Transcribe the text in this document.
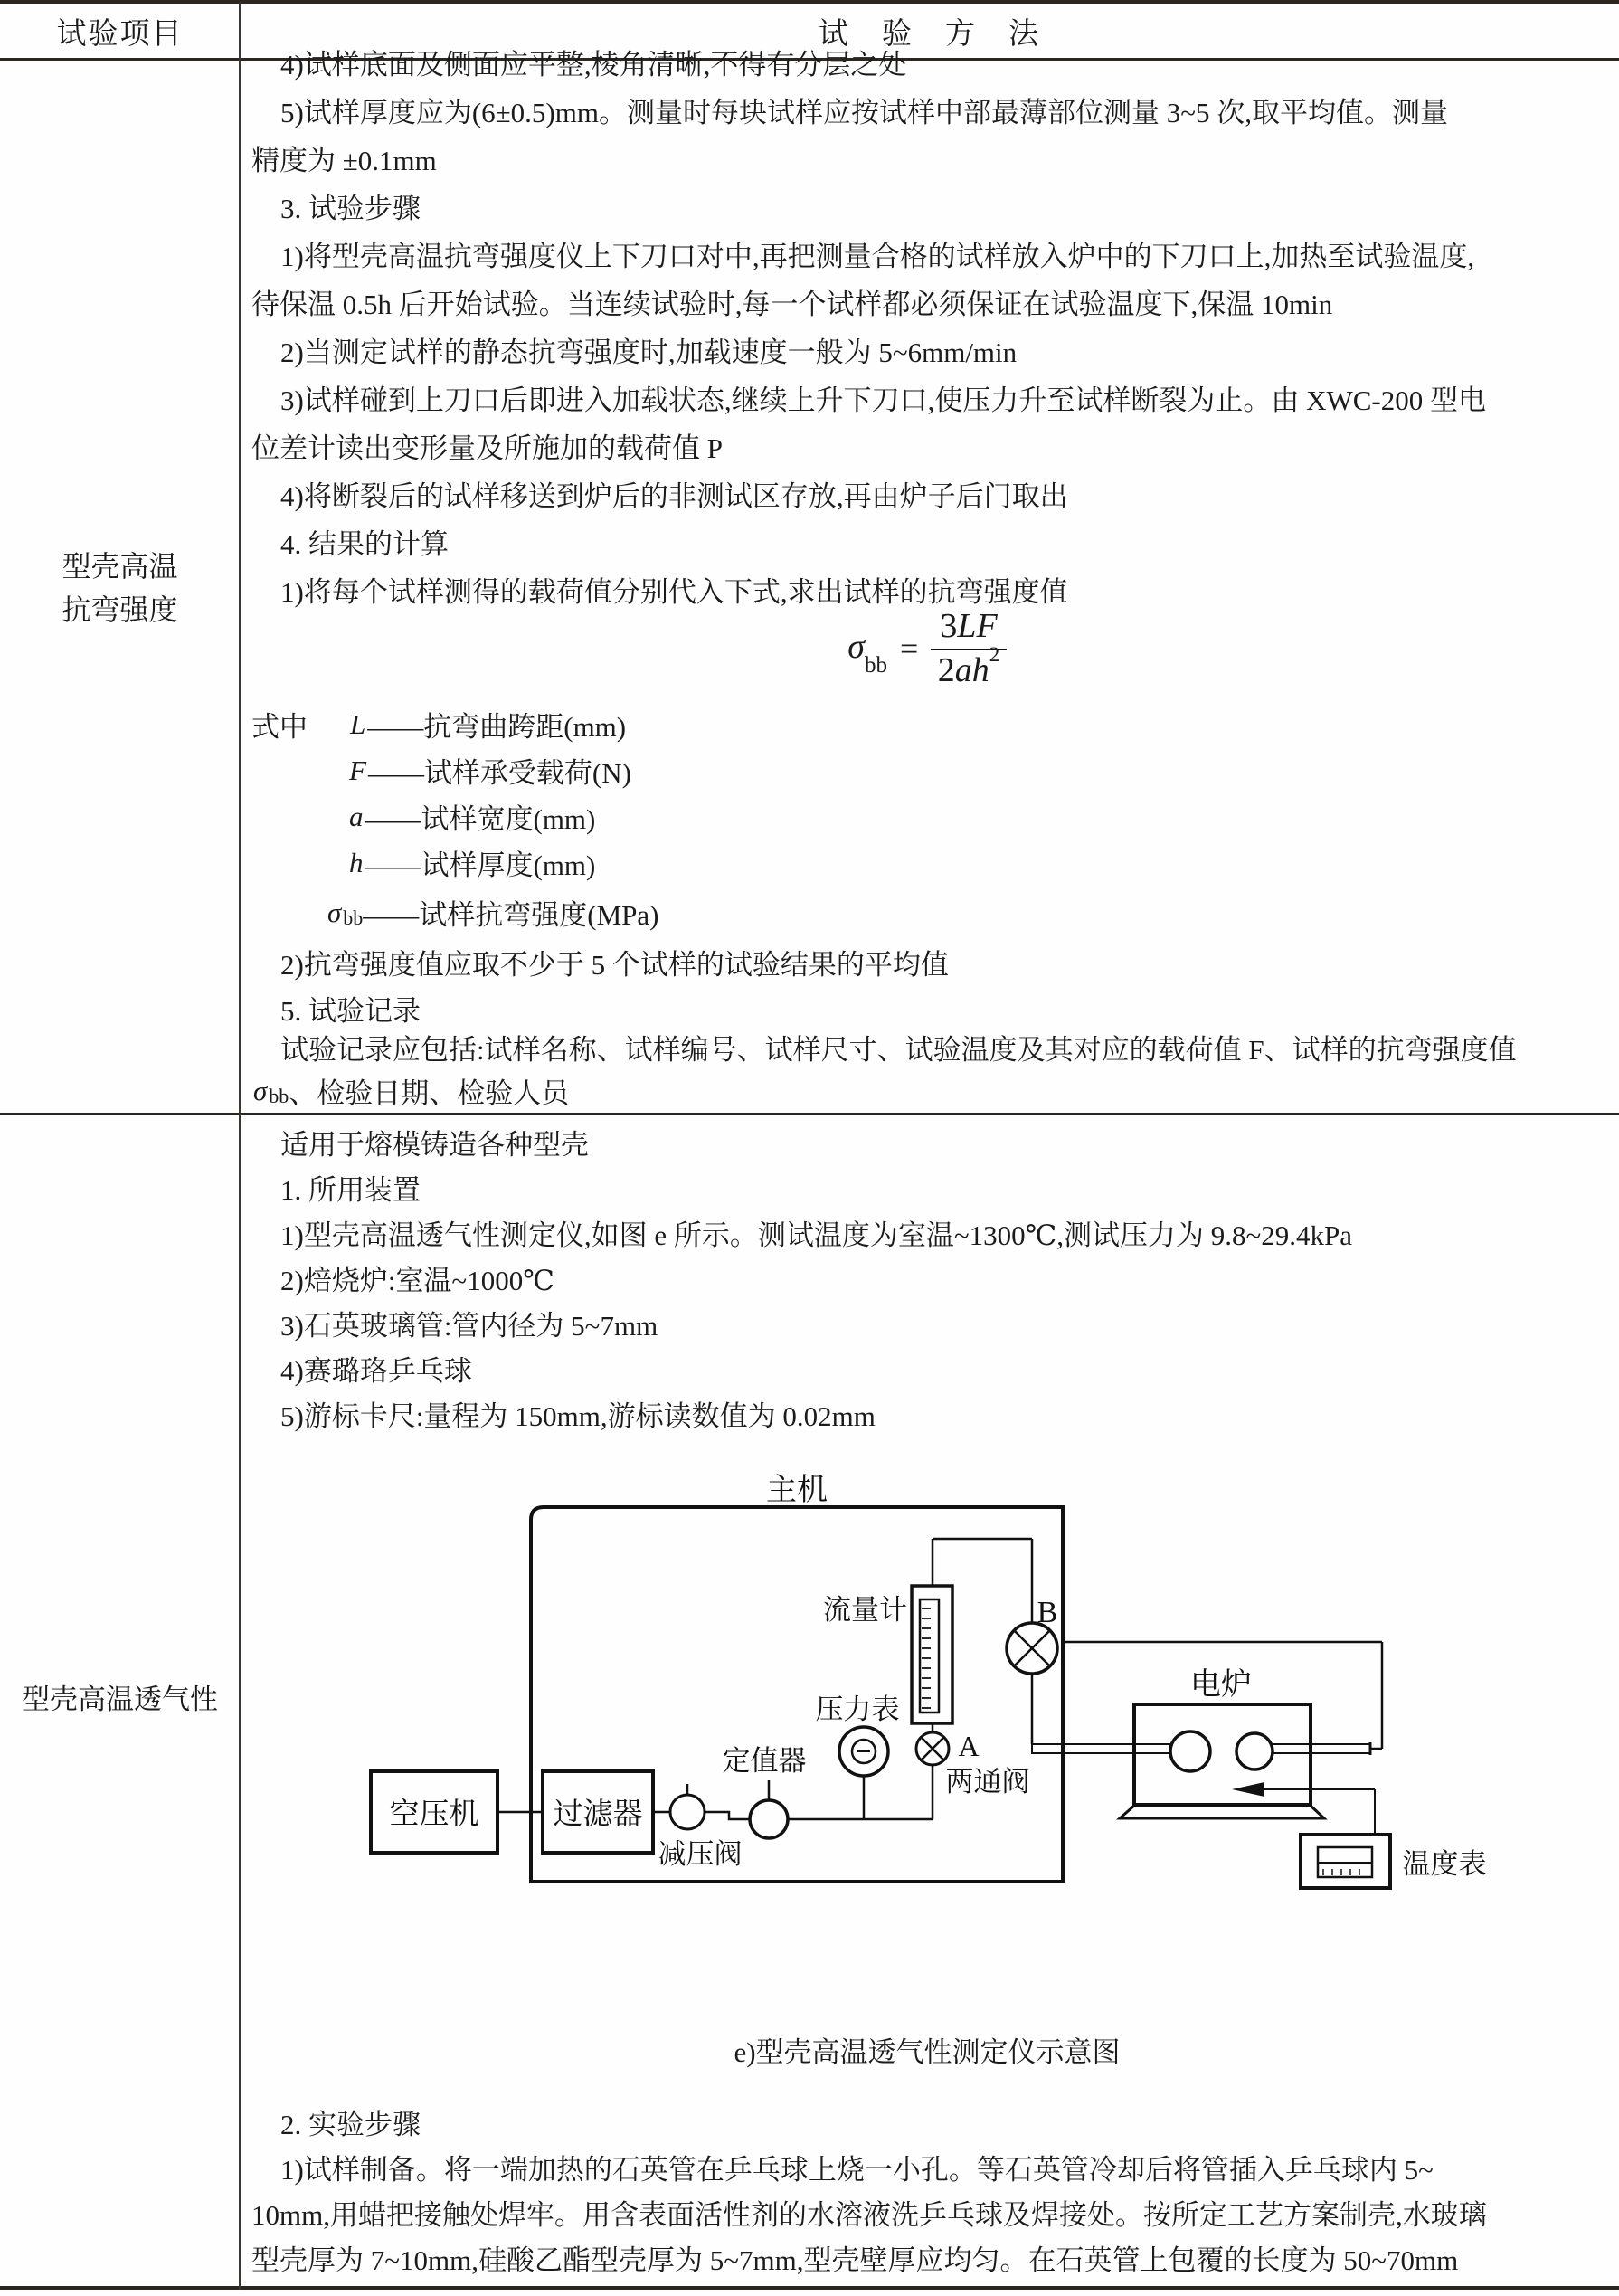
试验项目	试　验　方　法
型壳高温
抗弯强度
型壳高温透气性
4)试样底面及侧面应平整,棱角清晰,不得有分层之处
5)试样厚度应为(6±0.5)mm。测量时每块试样应按试样中部最薄部位测量 3~5 次,取平均值。测量
精度为 ±0.1mm
3. 试验步骤
1)将型壳高温抗弯强度仪上下刀口对中,再把测量合格的试样放入炉中的下刀口上,加热至试验温度,
待保温 0.5h 后开始试验。当连续试验时,每一个试样都必须保证在试验温度下,保温 10min
2)当测定试样的静态抗弯强度时,加载速度一般为 5~6mm/min
3)试样碰到上刀口后即进入加载状态,继续上升下刀口,使压力升至试样断裂为止。由 XWC-200 型电
位差计读出变形量及所施加的载荷值 P
4)将断裂后的试样移送到炉后的非测试区存放,再由炉子后门取出
4. 结果的计算
1)将每个试样测得的载荷值分别代入下式,求出试样的抗弯强度值
$\sigma_{bb} = \frac{3LF}{2ah^2}$
式中 L ——抗弯曲跨距(mm)
F ——试样承受载荷(N)
a ——试样宽度(mm)
h ——试样厚度(mm)
σ bb ——试样抗弯强度(MPa)
2)抗弯强度值应取不少于 5 个试样的试验结果的平均值
5. 试验记录
试验记录应包括:试样名称、试样编号、试样尺寸、试验温度及其对应的载荷值 F、试样的抗弯强度值
σ bb 、检验日期、检验人员
适用于熔模铸造各种型壳
1. 所用装置
1)型壳高温透气性测定仪,如图 e 所示。测试温度为室温~1300℃,测试压力为 9.8~29.4kPa
2)焙烧炉:室温~1000℃
3)石英玻璃管:管内径为 5~7mm
4)赛璐珞乒乓球
5)游标卡尺:量程为 150mm,游标读数值为 0.02mm
主机
流量计
压力表
定值器
减压阀
空压机 过滤器
两通阀
A
B
电炉
温度表
e)型壳高温透气性测定仪示意图
2. 实验步骤
1)试样制备。将一端加热的石英管在乒乓球上烧一小孔。等石英管冷却后将管插入乒乓球内 5~
10mm,用蜡把接触处焊牢。用含表面活性剂的水溶液洗乒乓球及焊接处。按所定工艺方案制壳,水玻璃
型壳厚为 7~10mm,硅酸乙酯型壳厚为 5~7mm,型壳壁厚应均匀。在石英管上包覆的长度为 50~70mm
